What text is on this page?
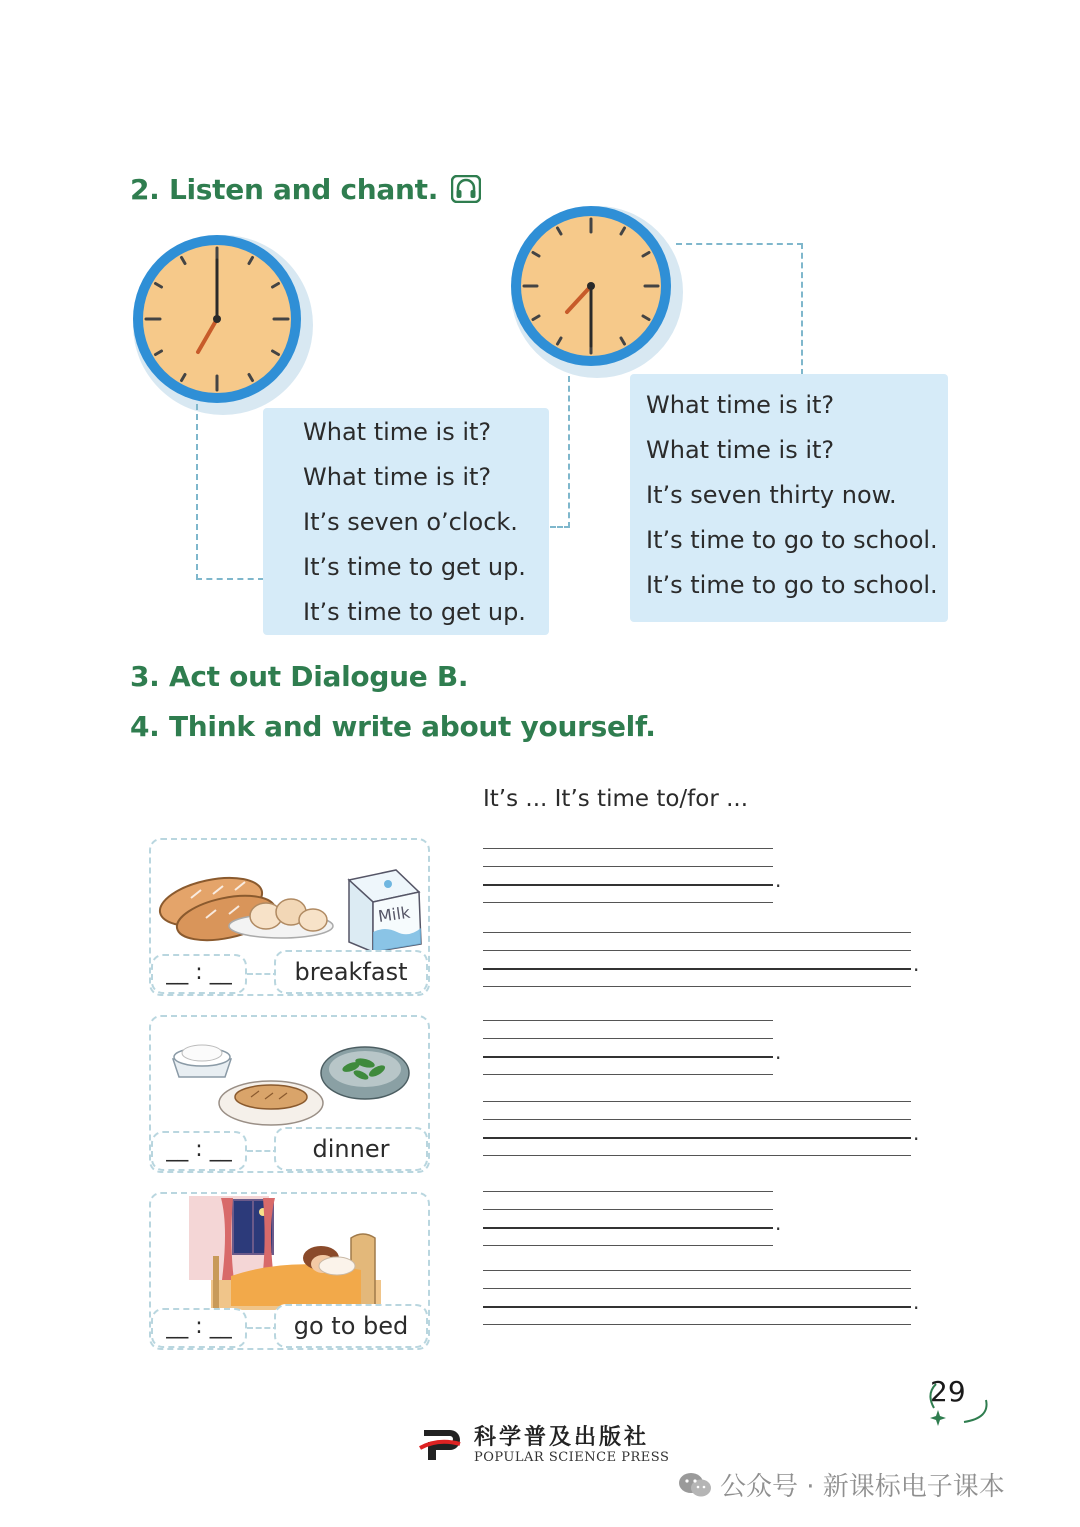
2. Listen and chant.
What time is it?
What time is it?
It’s seven o’clock.
It’s time to get up.
It’s time to get up.
What time is it?
What time is it?
It’s seven thirty now.
It’s time to go to school.
It’s time to go to school.
3. Act out Dialogue B.
4. Think and write about yourself.
It’s ... It’s time to/for ...
Milk
__ : __	breakfast
__ : __	dinner
__ : __	go to bed
.
.
.
.
.
.
29
科学普及出版社
POPULAR SCIENCE PRESS
公众号 · 新课标电子课本
